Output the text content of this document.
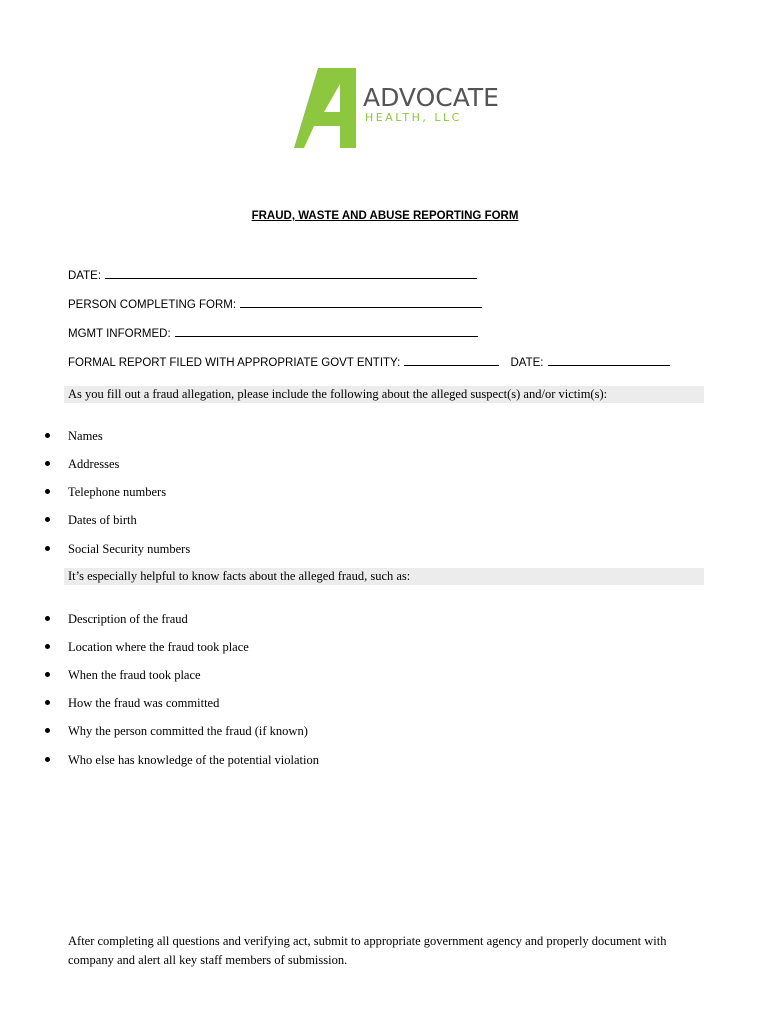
ADVOCATE
HEALTH, LLC
FRAUD, WASTE AND ABUSE REPORTING FORM
DATE:
PERSON COMPLETING FORM:
MGMT INFORMED:
FORMAL REPORT FILED WITH APPROPRIATE GOVT ENTITY:	DATE:
As you fill out a fraud allegation, please include the following about the alleged suspect(s) and/or victim(s):
Names
Addresses
Telephone numbers
Dates of birth
Social Security numbers
It’s especially helpful to know facts about the alleged fraud, such as:
Description of the fraud
Location where the fraud took place
When the fraud took place
How the fraud was committed
Why the person committed the fraud (if known)
Who else has knowledge of the potential violation
After completing all questions and verifying act, submit to appropriate government agency and properly document with company and alert all key staff members of submission.
